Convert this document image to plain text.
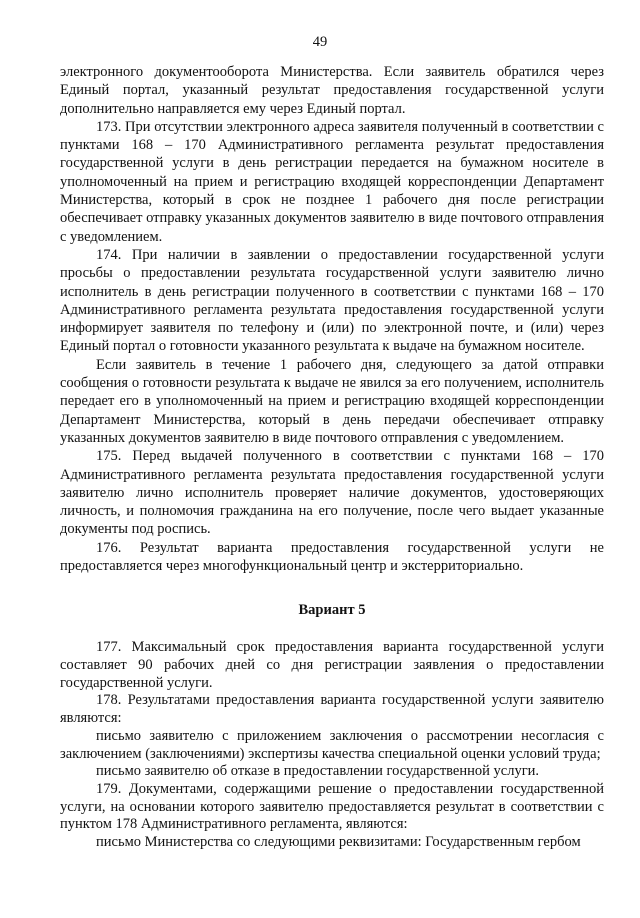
49

электронного документооборота Министерства. Если заявитель обратился через Единый портал, указанный результат предоставления государственной услуги дополнительно направляется ему через Единый портал.

173. При отсутствии электронного адреса заявителя полученный в соответствии с пунктами 168 – 170 Административного регламента результат предоставления государственной услуги в день регистрации передается на бумажном носителе в уполномоченный на прием и регистрацию входящей корреспонденции Департамент Министерства, который в срок не позднее 1 рабочего дня после регистрации обеспечивает отправку указанных документов заявителю в виде почтового отправления с уведомлением.

174. При наличии в заявлении о предоставлении государственной услуги просьбы о предоставлении результата государственной услуги заявителю лично исполнитель в день регистрации полученного в соответствии с пунктами 168 – 170 Административного регламента результата предоставления государственной услуги информирует заявителя по телефону и (или) по электронной почте, и (или) через Единый портал о готовности указанного результата к выдаче на бумажном носителе.

Если заявитель в течение 1 рабочего дня, следующего за датой отправки сообщения о готовности результата к выдаче не явился за его получением, исполнитель передает его в уполномоченный на прием и регистрацию входящей корреспонденции Департамент Министерства, который в день передачи обеспечивает отправку указанных документов заявителю в виде почтового отправления с уведомлением.

175. Перед выдачей полученного в соответствии с пунктами 168 – 170 Административного регламента результата предоставления государственной услуги заявителю лично исполнитель проверяет наличие документов, удостоверяющих личность, и полномочия гражданина на его получение, после чего выдает указанные документы под роспись.

176. Результат варианта предоставления государственной услуги не предоставляется через многофункциональный центр и экстерриториально.

Вариант 5

177. Максимальный срок предоставления варианта государственной услуги составляет 90 рабочих дней со дня регистрации заявления о предоставлении государственной услуги.

178. Результатами предоставления варианта государственной услуги заявителю являются:

письмо заявителю с приложением заключения о рассмотрении несогласия с заключением (заключениями) экспертизы качества специальной оценки условий труда;

письмо заявителю об отказе в предоставлении государственной услуги.

179. Документами, содержащими решение о предоставлении государственной услуги, на основании которого заявителю предоставляется результат в соответствии с пунктом 178 Административного регламента, являются:

письмо Министерства со следующими реквизитами: Государственным гербом
